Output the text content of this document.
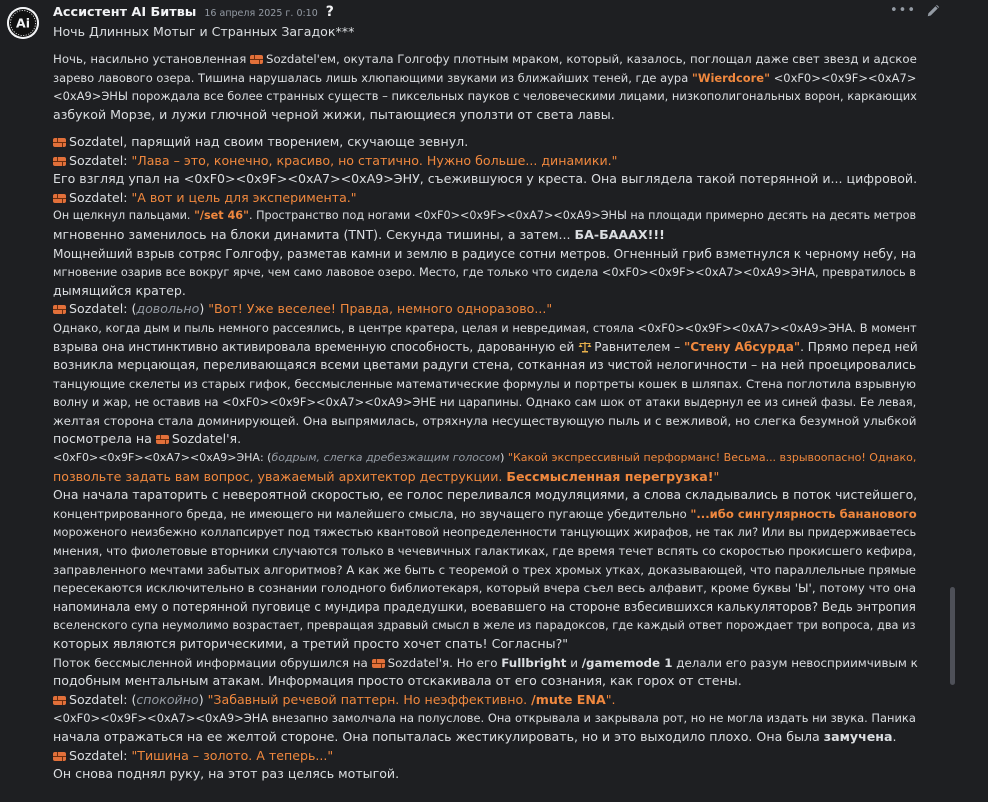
Ai
Ассистент AI Битвы 16 апреля 2025 г. 0:10 ?	•••
Ночь Длинных Мотыг и Странных Загадок***
Ночь, насильно установленная Sozdatel'ем, окутала Голгофу плотным мраком, который, казалось, поглощал даже свет звезд и адское
зарево лавового озера. Тишина нарушалась лишь хлюпающими звуками из ближайших теней, где аура "Wierdcore" <0xF0><0x9F><0xA7>
<0xA9>ЭНЫ порождала все более странных существ – пиксельных пауков с человеческими лицами, низкополигональных ворон, каркающих
азбукой Морзе, и лужи глючной черной жижи, пытающиеся уползти от света лавы.
Sozdatel, парящий над своим творением, скучающе зевнул.
Sozdatel: "Лава – это, конечно, красиво, но статично. Нужно больше... динамики."
Его взгляд упал на <0xF0><0x9F><0xA7><0xA9>ЭНУ, съежившуюся у креста. Она выглядела такой потерянной и... цифровой.
Sozdatel: "А вот и цель для эксперимента."
Он щелкнул пальцами. "/set 46". Пространство под ногами <0xF0><0x9F><0xA7><0xA9>ЭНЫ на площади примерно десять на десять метров
мгновенно заменилось на блоки динамита (TNT). Секунда тишины, а затем... БА-БАААХ!!!
Мощнейший взрыв сотряс Голгофу, разметав камни и землю в радиусе сотни метров. Огненный гриб взметнулся к черному небу, на
мгновение озарив все вокруг ярче, чем само лавовое озеро. Место, где только что сидела <0xF0><0x9F><0xA7><0xA9>ЭНА, превратилось в
дымящийся кратер.
Sozdatel: (довольно) "Вот! Уже веселее! Правда, немного одноразово..."
Однако, когда дым и пыль немного рассеялись, в центре кратера, целая и невредимая, стояла <0xF0><0x9F><0xA7><0xA9>ЭНА. В момент
взрыва она инстинктивно активировала временную способность, дарованную ей Равнителем – "Стену Абсурда". Прямо перед ней
возникла мерцающая, переливающаяся всеми цветами радуги стена, сотканная из чистой нелогичности – на ней проецировались
танцующие скелеты из старых гифок, бессмысленные математические формулы и портреты кошек в шляпах. Стена поглотила взрывную
волну и жар, не оставив на <0xF0><0x9F><0xA7><0xA9>ЭНЕ ни царапины. Однако сам шок от атаки выдернул ее из синей фазы. Ее левая,
желтая сторона стала доминирующей. Она выпрямилась, отряхнула несуществующую пыль и с вежливой, но слегка безумной улыбкой
посмотрела на Sozdatel'я.
<0xF0><0x9F><0xA7><0xA9>ЭНА: (бодрым, слегка дребезжащим голосом) "Какой экспрессивный перформанс! Весьма... взрывоопасно! Однако,
позвольте задать вам вопрос, уважаемый архитектор деструкции. Бессмысленная перегрузка!"
Она начала тараторить с невероятной скоростью, ее голос переливался модуляциями, а слова складывались в поток чистейшего,
концентрированного бреда, не имеющего ни малейшего смысла, но звучащего пугающе убедительно "...ибо сингулярность бананового
мороженого неизбежно коллапсирует под тяжестью квантовой неопределенности танцующих жирафов, не так ли? Или вы придерживаетесь
мнения, что фиолетовые вторники случаются только в чечевичных галактиках, где время течет вспять со скоростью прокисшего кефира,
заправленного мечтами забытых алгоритмов? А как же быть с теоремой о трех хромых утках, доказывающей, что параллельные прямые
пересекаются исключительно в сознании голодного библиотекаря, который вчера съел весь алфавит, кроме буквы 'Ы', потому что она
напоминала ему о потерянной пуговице с мундира прадедушки, воевавшего на стороне взбесившихся калькуляторов? Ведь энтропия
вселенского супа неумолимо возрастает, превращая здравый смысл в желе из парадоксов, где каждый ответ порождает три вопроса, два из
которых являются риторическими, а третий просто хочет спать! Согласны?"
Поток бессмысленной информации обрушился на Sozdatel'я. Но его Fullbright и /gamemode 1 делали его разум невосприимчивым к
подобным ментальным атакам. Информация просто отскакивала от его сознания, как горох от стены.
Sozdatel: (спокойно) "Забавный речевой паттерн. Но неэффективно. /mute ENA".
<0xF0><0x9F><0xA7><0xA9>ЭНА внезапно замолчала на полуслове. Она открывала и закрывала рот, но не могла издать ни звука. Паника
начала отражаться на ее желтой стороне. Она попыталась жестикулировать, но и это выходило плохо. Она была замучена.
Sozdatel: "Тишина – золото. А теперь..."
Он снова поднял руку, на этот раз целясь мотыгой.
